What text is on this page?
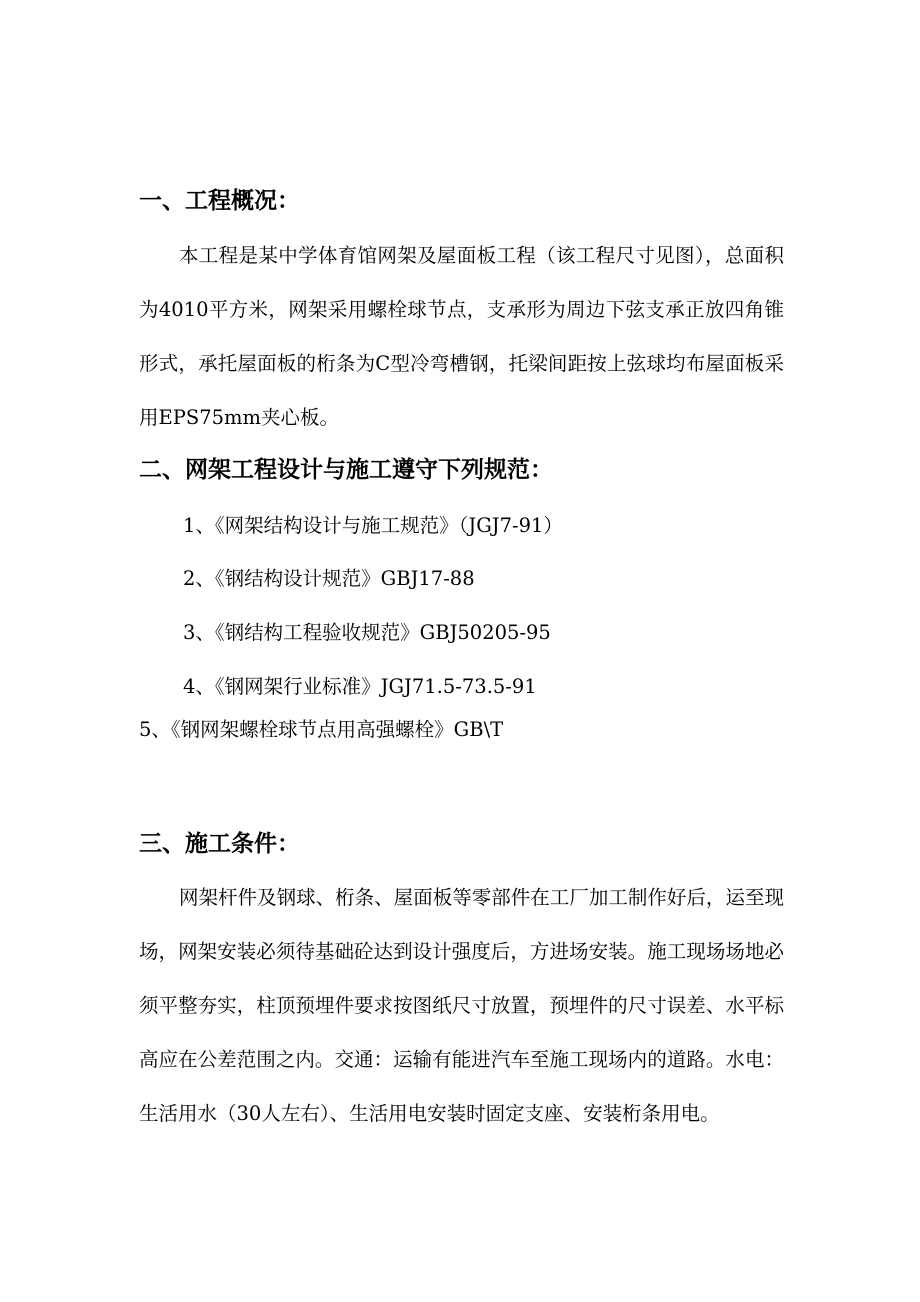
一、工程概况：

本工程是某中学体育馆网架及屋面板工程（该工程尺寸见图），总面积为4010平方米，网架采用螺栓球节点，支承形为周边下弦支承正放四角锥形式，承托屋面板的桁条为C型冷弯槽钢，托梁间距按上弦球均布屋面板采用EPS75mm夹心板。

二、网架工程设计与施工遵守下列规范：
1、《网架结构设计与施工规范》（JGJ7-91）
2、《钢结构设计规范》GBJ17-88
3、《钢结构工程验收规范》GBJ50205-95
4、《钢网架行业标准》JGJ71.5-73.5-91
5、《钢网架螺栓球节点用高强螺栓》GB\T
三、施工条件：

网架杆件及钢球、桁条、屋面板等零部件在工厂加工制作好后，运至现场，网架安装必须待基础砼达到设计强度后，方进场安装。施工现场场地必须平整夯实，柱顶预埋件要求按图纸尺寸放置，预埋件的尺寸误差、水平标高应在公差范围之内。交通：运输有能进汽车至施工现场内的道路。水电：生活用水（30人左右）、生活用电安装时固定支座、安装桁条用电。
